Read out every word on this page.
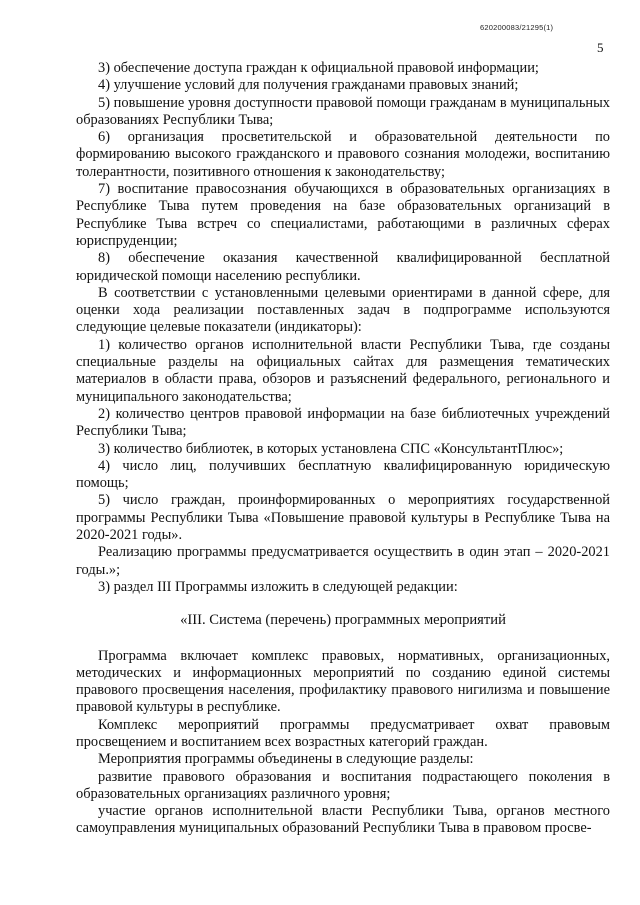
620200083/21295(1)
5

3) обеспечение доступа граждан к официальной правовой информации;

4) улучшение условий для получения гражданами правовых знаний;

5) повышение уровня доступности правовой помощи гражданам в муниципальных образованиях Республики Тыва;

6) организация просветительской и образовательной деятельности по формированию высокого гражданского и правового сознания молодежи, воспитанию толерантности, позитивного отношения к законодательству;

7) воспитание правосознания обучающихся в образовательных организациях в Республике Тыва путем проведения на базе образовательных организаций в Республике Тыва встреч со специалистами, работающими в различных сферах юриспруденции;

8) обеспечение оказания качественной квалифицированной бесплатной юридической помощи населению республики.

В соответствии с установленными целевыми ориентирами в данной сфере, для оценки хода реализации поставленных задач в подпрограмме используются следующие целевые показатели (индикаторы):

1) количество органов исполнительной власти Республики Тыва, где созданы специальные разделы на официальных сайтах для размещения тематических материалов в области права, обзоров и разъяснений федерального, регионального и муниципального законодательства;

2) количество центров правовой информации на базе библиотечных учреждений Республики Тыва;

3) количество библиотек, в которых установлена СПС «КонсультантПлюс»;

4) число лиц, получивших бесплатную квалифицированную юридическую помощь;

5) число граждан, проинформированных о мероприятиях государственной программы Республики Тыва «Повышение правовой культуры в Республике Тыва на 2020-2021 годы».

Реализацию программы предусматривается осуществить в один этап – 2020-2021 годы.»;

3) раздел III Программы изложить в следующей редакции:

«III. Система (перечень) программных мероприятий

Программа включает комплекс правовых, нормативных, организационных, методических и информационных мероприятий по созданию единой системы правового просвещения населения, профилактику правового нигилизма и повышение правовой культуры в республике.

Комплекс мероприятий программы предусматривает охват правовым просвещением и воспитанием всех возрастных категорий граждан.

Мероприятия программы объединены в следующие разделы:

развитие правового образования и воспитания подрастающего поколения в образовательных организациях различного уровня;

участие органов исполнительной власти Республики Тыва, органов местного самоуправления муниципальных образований Республики Тыва в правовом просве-
